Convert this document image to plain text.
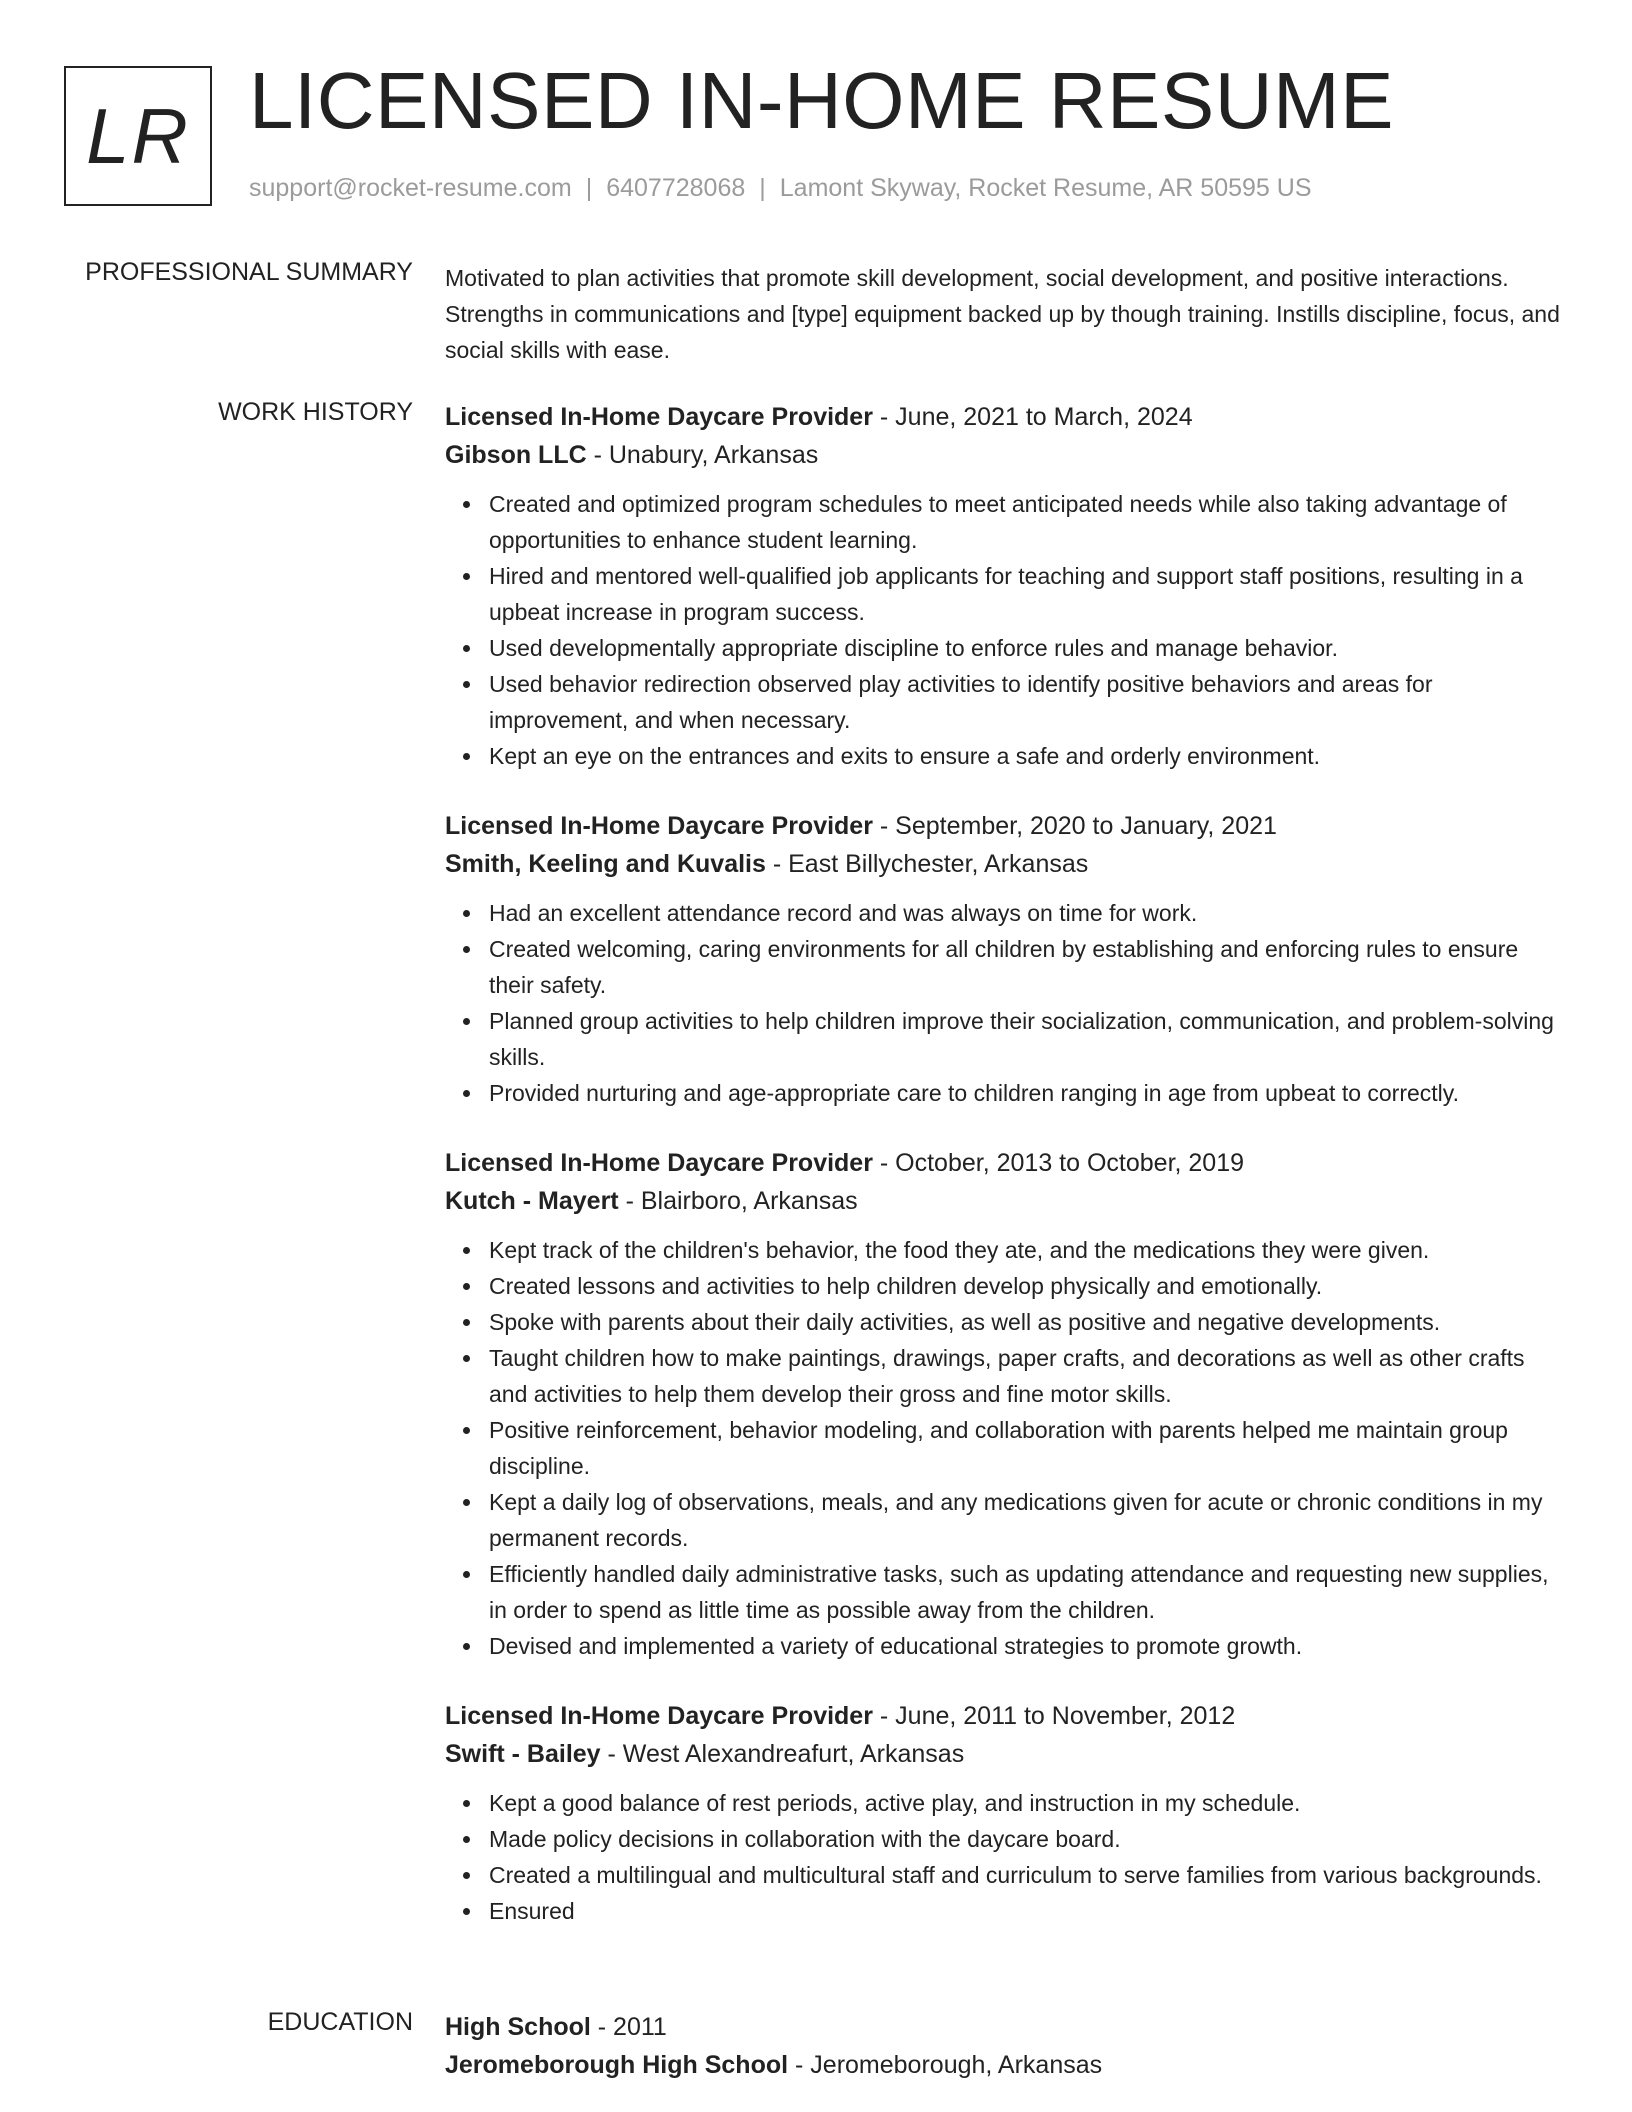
LR LICENSED IN-HOME RESUME
support@rocket-resume.com | 6407728068 | Lamont Skyway, Rocket Resume, AR 50595 US
PROFESSIONAL SUMMARY Motivated to plan activities that promote skill development, social development, and positive interactions. Strengths in communications and [type] equipment backed up by though training. Instills discipline, focus, and social skills with ease.
WORK HISTORY Licensed In-Home Daycare Provider - June, 2021 to March, 2024
Gibson LLC - Unabury, Arkansas
Created and optimized program schedules to meet anticipated needs while also taking advantage of opportunities to enhance student learning.
Hired and mentored well-qualified job applicants for teaching and support staff positions, resulting in a upbeat increase in program success.
Used developmentally appropriate discipline to enforce rules and manage behavior.
Used behavior redirection observed play activities to identify positive behaviors and areas for improvement, and when necessary.
Kept an eye on the entrances and exits to ensure a safe and orderly environment.
Licensed In-Home Daycare Provider - September, 2020 to January, 2021
Smith, Keeling and Kuvalis - East Billychester, Arkansas
Had an excellent attendance record and was always on time for work.
Created welcoming, caring environments for all children by establishing and enforcing rules to ensure their safety.
Planned group activities to help children improve their socialization, communication, and problem-solving skills.
Provided nurturing and age-appropriate care to children ranging in age from upbeat to correctly.
Licensed In-Home Daycare Provider - October, 2013 to October, 2019
Kutch - Mayert - Blairboro, Arkansas
Kept track of the children's behavior, the food they ate, and the medications they were given.
Created lessons and activities to help children develop physically and emotionally.
Spoke with parents about their daily activities, as well as positive and negative developments.
Taught children how to make paintings, drawings, paper crafts, and decorations as well as other crafts and activities to help them develop their gross and fine motor skills.
Positive reinforcement, behavior modeling, and collaboration with parents helped me maintain group discipline.
Kept a daily log of observations, meals, and any medications given for acute or chronic conditions in my permanent records.
Efficiently handled daily administrative tasks, such as updating attendance and requesting new supplies, in order to spend as little time as possible away from the children.
Devised and implemented a variety of educational strategies to promote growth.
Licensed In-Home Daycare Provider - June, 2011 to November, 2012
Swift - Bailey - West Alexandreafurt, Arkansas
Kept a good balance of rest periods, active play, and instruction in my schedule.
Made policy decisions in collaboration with the daycare board.
Created a multilingual and multicultural staff and curriculum to serve families from various backgrounds.
Ensured
EDUCATION High School - 2011
Jeromeborough High School - Jeromeborough, Arkansas
